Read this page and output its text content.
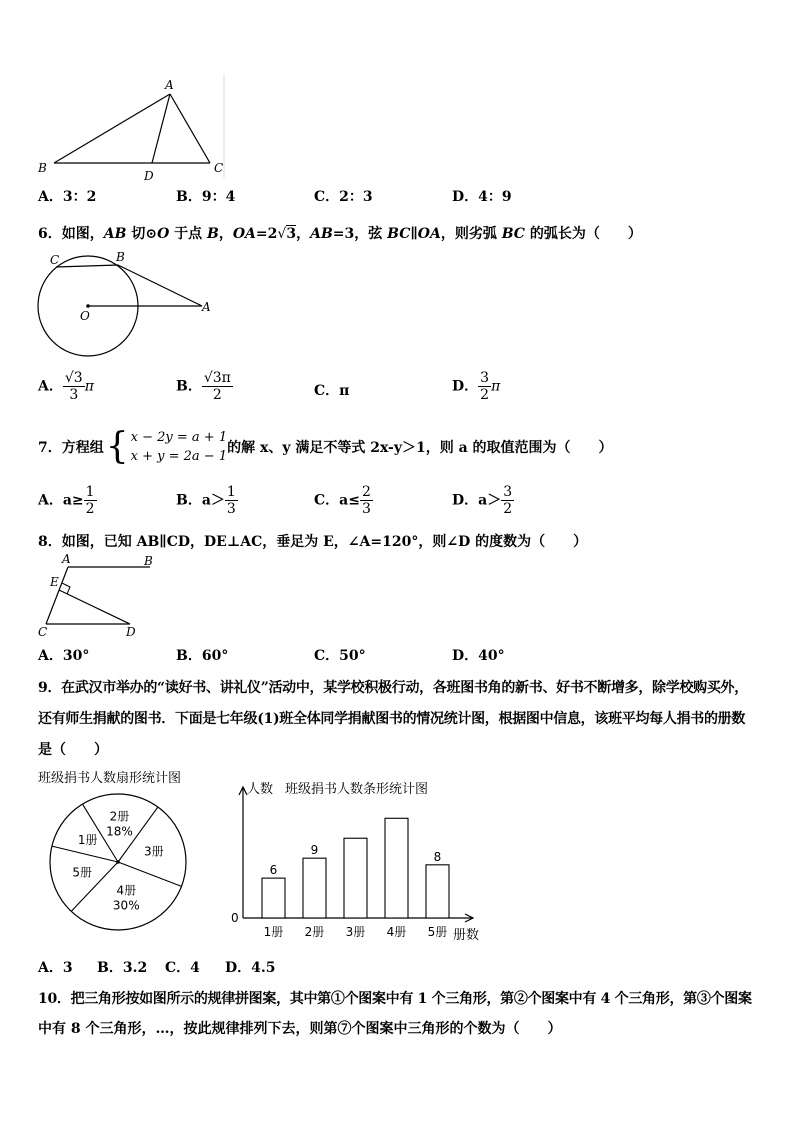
A
B
D
C
A．3：2	B．9：4	C．2：3	D．4：9
6．如图，AB 切⊙O 于点 B，OA=2√3，AB=3，弦 BC∥OA，则劣弧 BC 的弧长为（　　）
C	B
O
A
A． $\frac{√3}{3}$ π	B． $\frac{√3\pi}{2}$	C．π	D． $\frac{3}{2}$ π
7．方程组 { x − 2y = a + 1
x + y = 2a − 1
的解 x、y 满足不等式 2x-y＞1，则 a 的取值范围为（　　）
A．$a\ge \frac{1}{2}$	B．$a> \frac{1}{3}$	C．$a\le \frac{2}{3}$	D．$a> \frac{3}{2}$
8．如图，已知 AB∥CD，DE⊥AC，垂足为 E，∠A=120°，则∠D 的度数为（　　）
A	B
E
C	D
A．30°	B．60°	C．50°	D．40°
9．在武汉市举办的“读好书、讲礼仪”活动中，某学校积极行动，各班图书角的新书、好书不断增多，除学校购买外，
还有师生捐献的图书．下面是七年级(1)班全体同学捐献图书的情况统计图，根据图中信息，该班平均每人捐书的册数
是（　　）
班级捐书人数扇形统计图
2册
18%
3册
4册
30%
5册
1册
0
人数 班级捐书人数条形统计图
册数
1册
6
2册
9
3册 4册 5册
8
A．3 B．3.2 C．4 D．4.5
10．把三角形按如图所示的规律拼图案，其中第①个图案中有 1 个三角形，第②个图案中有 4 个三角形，第③个图案
中有 8 个三角形，…，按此规律排列下去，则第⑦个图案中三角形的个数为（　　）
